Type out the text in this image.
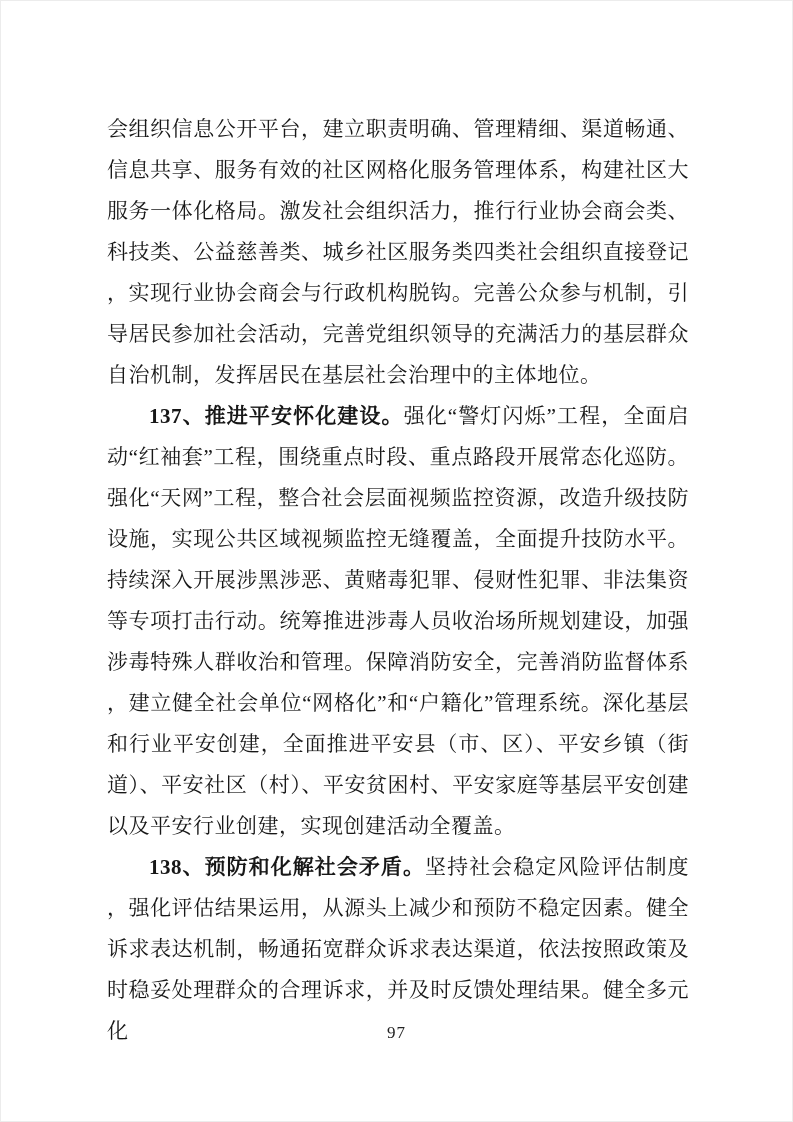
会组织信息公开平台，建立职责明确、管理精细、渠道畅通、信息共享、服务有效的社区网格化服务管理体系，构建社区大服务一体化格局。激发社会组织活力，推行行业协会商会类、科技类、公益慈善类、城乡社区服务类四类社会组织直接登记，实现行业协会商会与行政机构脱钩。完善公众参与机制，引导居民参加社会活动，完善党组织领导的充满活力的基层群众自治机制，发挥居民在基层社会治理中的主体地位。

137、推进平安怀化建设。强化“警灯闪烁”工程，全面启动“红袖套”工程，围绕重点时段、重点路段开展常态化巡防。强化“天网”工程，整合社会层面视频监控资源，改造升级技防设施，实现公共区域视频监控无缝覆盖，全面提升技防水平。持续深入开展涉黑涉恶、黄赌毒犯罪、侵财性犯罪、非法集资等专项打击行动。统筹推进涉毒人员收治场所规划建设，加强涉毒特殊人群收治和管理。保障消防安全，完善消防监督体系，建立健全社会单位“网格化”和“户籍化”管理系统。深化基层和行业平安创建，全面推进平安县（市、区）、平安乡镇（街道）、平安社区（村）、平安贫困村、平安家庭等基层平安创建以及平安行业创建，实现创建活动全覆盖。

138、预防和化解社会矛盾。坚持社会稳定风险评估制度，强化评估结果运用，从源头上减少和预防不稳定因素。健全诉求表达机制，畅通拓宽群众诉求表达渠道，依法按照政策及时稳妥处理群众的合理诉求，并及时反馈处理结果。健全多元化	97
